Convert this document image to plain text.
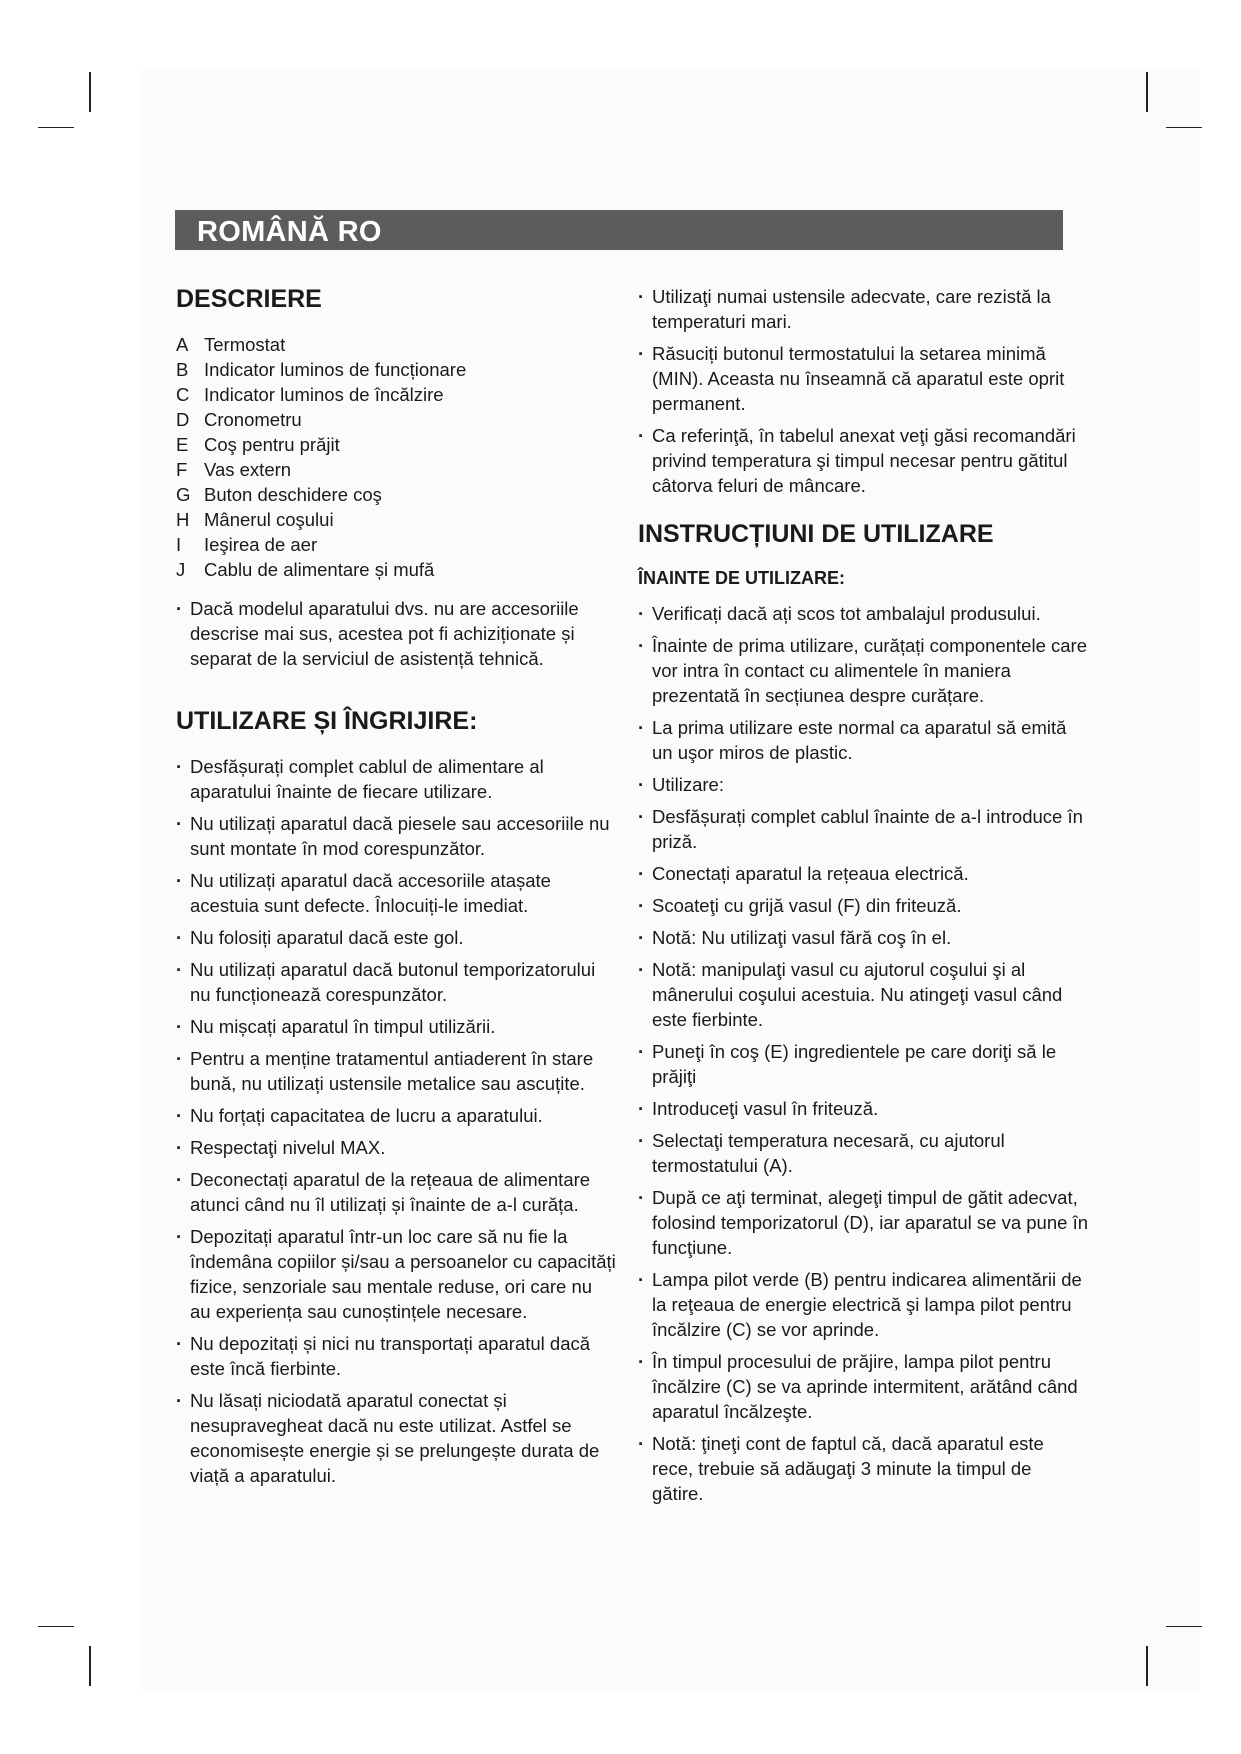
ROMÂNĂ RO
DESCRIERE
A Termostat
B Indicator luminos de funcționare
C Indicator luminos de încălzire
D Cronometru
E Coş pentru prăjit
F Vas extern
G Buton deschidere coş
H Mânerul coşului
I	Ieşirea de aer
J	Cablu de alimentare și mufă
· Dacă modelul aparatului dvs. nu are accesoriile descrise mai sus, acestea pot fi achiziționate și separat de la serviciul de asistență tehnică.
UTILIZARE ȘI ÎNGRIJIRE:
· Desfășurați complet cablul de alimentare al aparatului înainte de fiecare utilizare.
· Nu utilizați aparatul dacă piesele sau accesoriile nu sunt montate în mod corespunzător.
· Nu utilizați aparatul dacă accesoriile atașate acestuia sunt defecte. Înlocuiți-le imediat.
· Nu folosiți aparatul dacă este gol.
· Nu utilizați aparatul dacă butonul temporizatorului nu funcționează corespunzător.
· Nu mișcați aparatul în timpul utilizării.
· Pentru a menține tratamentul antiaderent în stare bună, nu utilizați ustensile metalice sau ascuțite.
· Nu forțați capacitatea de lucru a aparatului.
· Respectaţi nivelul MAX.
· Deconectați aparatul de la rețeaua de alimentare atunci când nu îl utilizați și înainte de a-l curăța.
· Depozitați aparatul într-un loc care să nu fie la îndemâna copiilor și/sau a persoanelor cu capacități fizice, senzoriale sau mentale reduse, ori care nu au experiența sau cunoștințele necesare.
· Nu depozitați și nici nu transportați aparatul dacă este încă fierbinte.
· Nu lăsați niciodată aparatul conectat și nesupravegheat dacă nu este utilizat. Astfel se economisește energie și se prelungește durata de viață a aparatului.
· Utilizaţi numai ustensile adecvate, care rezistă la temperaturi mari.
· Răsuciți butonul termostatului la setarea minimă (MIN). Aceasta nu înseamnă că aparatul este oprit permanent.
· Ca referinţă, în tabelul anexat veţi găsi recomandări privind temperatura şi timpul necesar pentru gătitul câtorva feluri de mâncare.
INSTRUCȚIUNI DE UTILIZARE
ÎNAINTE DE UTILIZARE:
· Verificați dacă ați scos tot ambalajul produsului.
· Înainte de prima utilizare, curățați componentele care vor intra în contact cu alimentele în maniera prezentată în secțiunea despre curățare.
· La prima utilizare este normal ca aparatul să emită un uşor miros de plastic.
· Utilizare:
· Desfășurați complet cablul înainte de a-l introduce în priză.
· Conectați aparatul la rețeaua electrică.
· Scoateţi cu grijă vasul (F) din friteuză.
· Notă: Nu utilizaţi vasul fără coş în el.
· Notă: manipulaţi vasul cu ajutorul coşului şi al mânerului coşului acestuia. Nu atingeţi vasul când este fierbinte.
· Puneţi în coş (E) ingredientele pe care doriţi să le prăjiţi
· Introduceţi vasul în friteuză.
· Selectaţi temperatura necesară, cu ajutorul termostatului (A).
· După ce aţi terminat, alegeţi timpul de gătit adecvat, folosind temporizatorul (D), iar aparatul se va pune în funcţiune.
· Lampa pilot verde (B) pentru indicarea alimentării de la reţeaua de energie electrică şi lampa pilot pentru încălzire (C) se vor aprinde.
· În timpul procesului de prăjire, lampa pilot pentru încălzire (C) se va aprinde intermitent, arătând când aparatul încălzeşte.
· Notă: ţineţi cont de faptul că, dacă aparatul este rece, trebuie să adăugaţi 3 minute la timpul de gătire.
